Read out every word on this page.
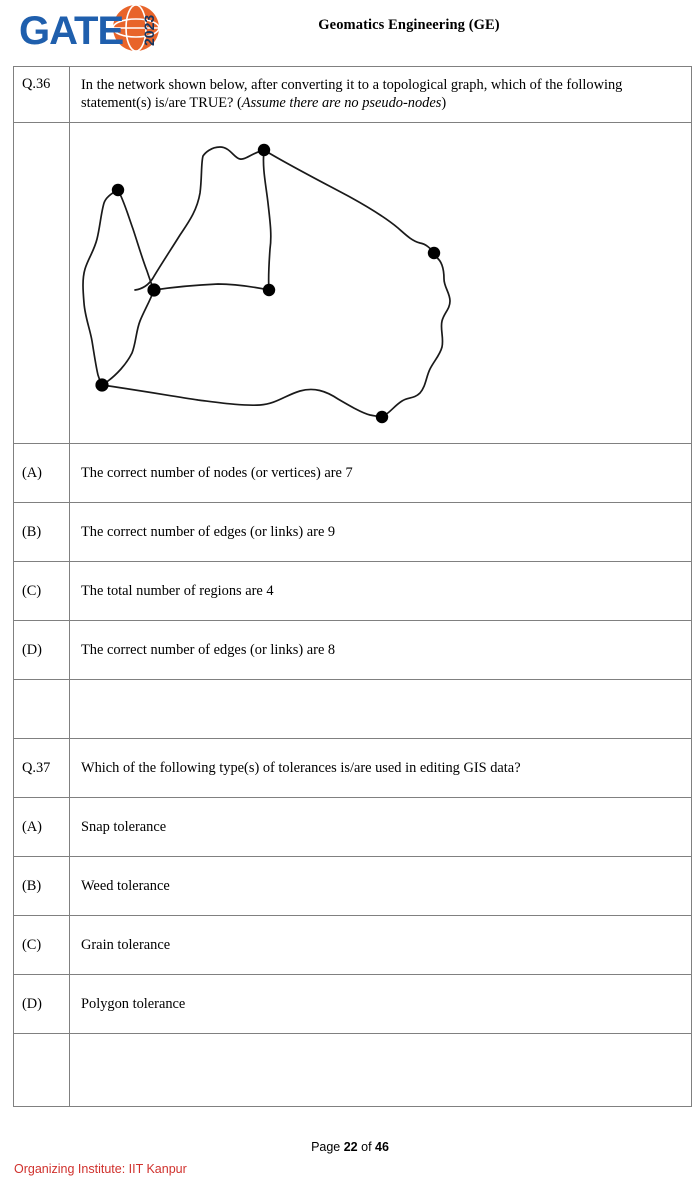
GATE 2023	Geomatics Engineering (GE)
Q.36	In the network shown below, after converting it to a topological graph, which of the following statement(s) is/are TRUE? (Assume there are no pseudo-nodes)

(A)	The correct number of nodes (or vertices) are 7
(B)	The correct number of edges (or links) are 9
(C)	The total number of regions are 4
(D)	The correct number of edges (or links) are 8

Q.37	Which of the following type(s) of tolerances is/are used in editing GIS data?
(A)	Snap tolerance
(B)	Weed tolerance
(C)	Grain tolerance
(D)	Polygon tolerance

Page 22 of 46
Organizing Institute: IIT Kanpur
